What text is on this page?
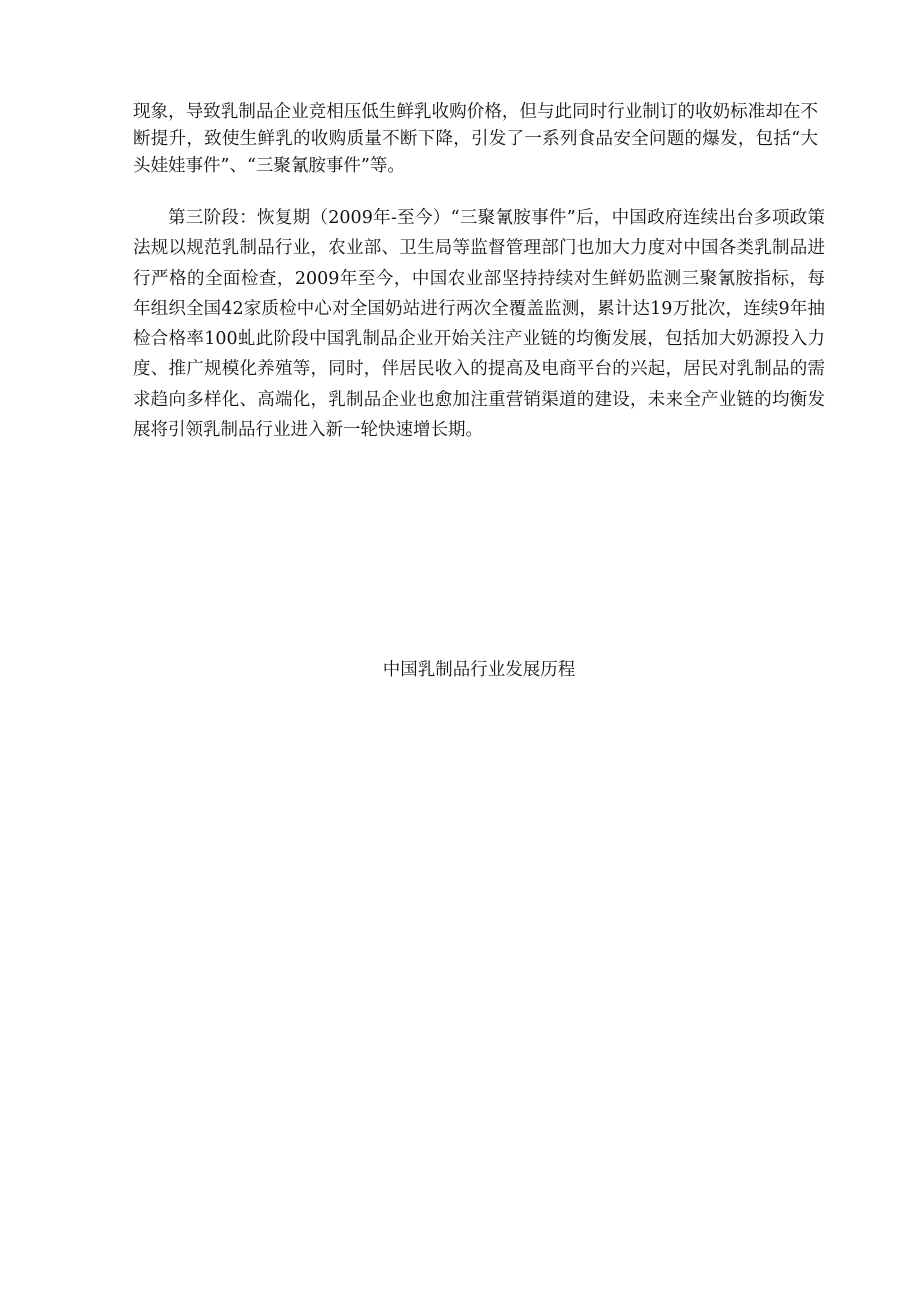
现象，导致乳制品企业竞相压低生鲜乳收购价格，但与此同时行业制订的收奶标准却在不断提升，致使生鲜乳的收购质量不断下降，引发了一系列食品安全问题的爆发，包括“大头娃娃事件”、“三聚氰胺事件”等。

第三阶段：恢复期（2009年-至今）“三聚氰胺事件”后，中国政府连续出台多项政策法规以规范乳制品行业，农业部、卫生局等监督管理部门也加大力度对中国各类乳制品进行严格的全面检查，2009年至今，中国农业部坚持持续对生鲜奶监测三聚氰胺指标，每年组织全国42家质检中心对全国奶站进行两次全覆盖监测，累计达19万批次，连续9年抽检合格率100虬此阶段中国乳制品企业开始关注产业链的均衡发展，包括加大奶源投入力度、推广规模化养殖等，同时，伴居民收入的提高及电商平台的兴起，居民对乳制品的需求趋向多样化、高端化，乳制品企业也愈加注重营销渠道的建设，未来全产业链的均衡发展将引领乳制品行业进入新一轮快速增长期。

中国乳制品行业发展历程
